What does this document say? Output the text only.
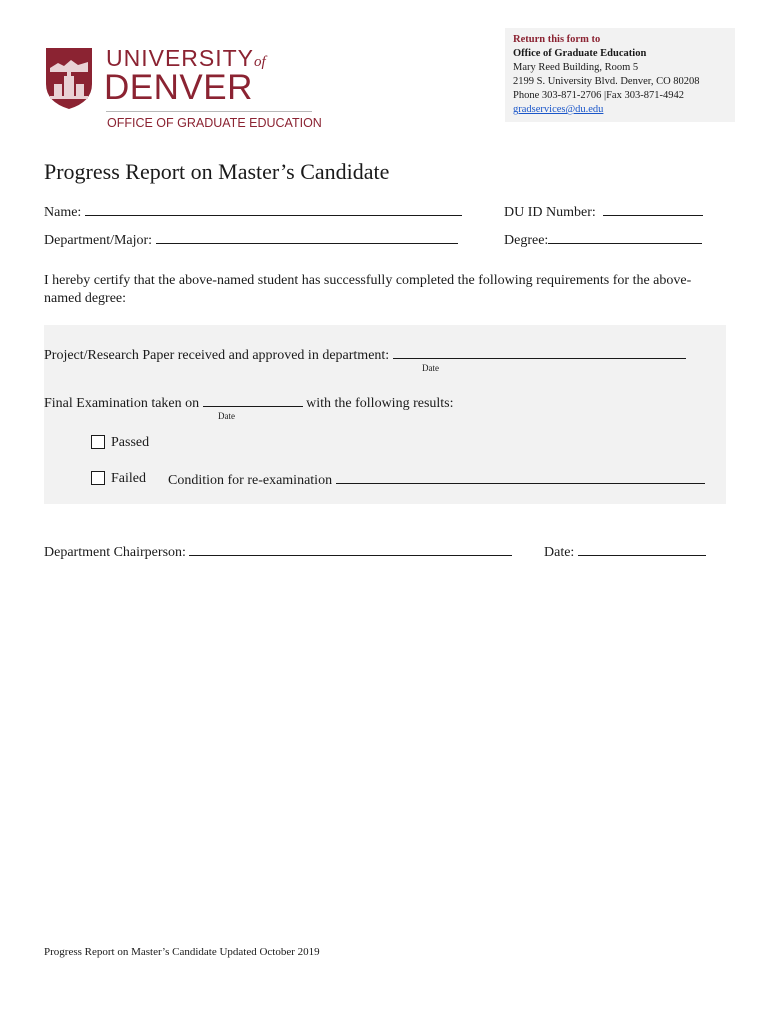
UNIVERSITYof
DENVER
OFFICE OF GRADUATE EDUCATION
Return this form to
Office of Graduate Education
Mary Reed Building, Room 5
2199 S. University Blvd. Denver, CO 80208
Phone 303-871-2706 |Fax 303-871-4942
gradservices@du.edu
Progress Report on Master’s Candidate
Name:	DU ID Number:
Department/Major:	Degree:
I hereby certify that the above-named student has successfully completed the following requirements for the above-named degree:
Project/Research Paper received and approved in department:
Date
Final Examination taken on	with the following results:
Date
Passed
Failed Condition for re-examination
Department Chairperson:	Date:
Progress Report on Master’s Candidate Updated October 2019
